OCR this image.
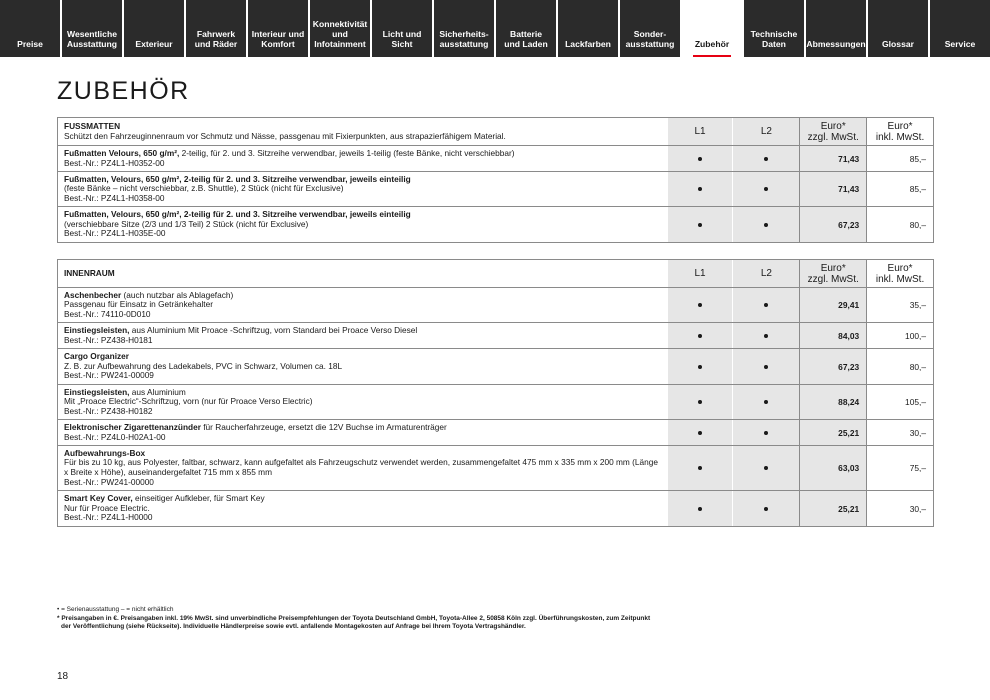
Preise
Wesentliche
Ausstattung	Exterieur
Fahrwerk
und Räder
Interieur und
Komfort
Konnektivität
und
Infotainment
Licht und Sicht
Sicherheits-
ausstattung
Batterie
und Laden	Lackfarben
Sonder-
ausstattung	Zubehör
Technische
Daten	Abmessungen	Glossar	Service
ZUBEHÖR
FUSSMATTEN
Schützt den Fahrzeuginnenraum vor Schmutz und Nässe, passgenau mit Fixierpunkten, aus strapazierfähigem Material.	L1	L2	Euro*
zzgl. MwSt.
Euro*
inkl. MwSt.
Fußmatten Velours, 650 g/m², 2-teilig, für 2. und 3. Sitzreihe verwendbar, jeweils 1-teilig (feste Bänke, nicht verschiebbar)
Best.-Nr.: PZ4L1-H0352-00	71,43	85,–
Fußmatten, Velours, 650 g/m², 2-teilig für 2. und 3. Sitzreihe verwendbar, jeweils einteilig
(feste Bänke – nicht verschiebbar, z.B. Shuttle), 2 Stück (nicht für Exclusive)
Best.-Nr.: PZ4L1-H0358-00
71,43	85,–
Fußmatten, Velours, 650 g/m², 2-teilig für 2. und 3. Sitzreihe verwendbar, jeweils einteilig
(verschiebbare Sitze (2/3 und 1/3 Teil) 2 Stück (nicht für Exclusive)
Best.-Nr.: PZ4L1-H035E-00
67,23	80,–
INNENRAUM	L1	L2	Euro*
zzgl. MwSt.
Euro*
inkl. MwSt.
Aschenbecher (auch nutzbar als Ablagefach)
Passgenau für Einsatz in Getränkehalter
Best.-Nr.: 74110-0D010
29,41	35,–
Einstiegsleisten, aus Aluminium Mit Proace -Schriftzug, vorn Standard bei Proace Verso Diesel
Best.-Nr.: PZ438-H0181	84,03	100,–
Cargo Organizer
Z. B. zur Aufbewahrung des Ladekabels, PVC in Schwarz, Volumen ca. 18L
Best.-Nr.: PW241-00009
67,23	80,–
Einstiegsleisten, aus Aluminium
Mit „Proace Electric“-Schriftzug, vorn (nur für Proace Verso Electric)
Best.-Nr.: PZ438-H0182
88,24	105,–
Elektronischer Zigarettenanzünder für Raucherfahrzeuge, ersetzt die 12V Buchse im Armaturenträger
Best.-Nr.: PZ4L0-H02A1-00	25,21	30,–
Aufbewahrungs-Box
Für bis zu 10 kg, aus Polyester, faltbar, schwarz, kann aufgefaltet als Fahrzeugschutz verwendet werden, zusammengefaltet 475 mm x 335 mm x 200 mm (Länge x Breite x Höhe), auseinandergefaltet 715 mm x 855 mm
Best.-Nr.: PW241-00000
63,03	75,–
Smart Key Cover, einseitiger Aufkleber, für Smart Key
Nur für Proace Electric.
Best.-Nr.: PZ4L1-H0000
25,21	30,–
• = Serienausstattung – = nicht erhältlich
* Preisangaben in €. Preisangaben inkl. 19% MwSt. sind unverbindliche Preisempfehlungen der Toyota Deutschland GmbH, Toyota-Allee 2, 50858 Köln zzgl. Überführungskosten, zum Zeitpunkt der Veröffentlichung (siehe Rückseite). Individuelle Händlerpreise sowie evtl. anfallende Montagekosten auf Anfrage bei Ihrem Toyota Vertragshändler.
18
